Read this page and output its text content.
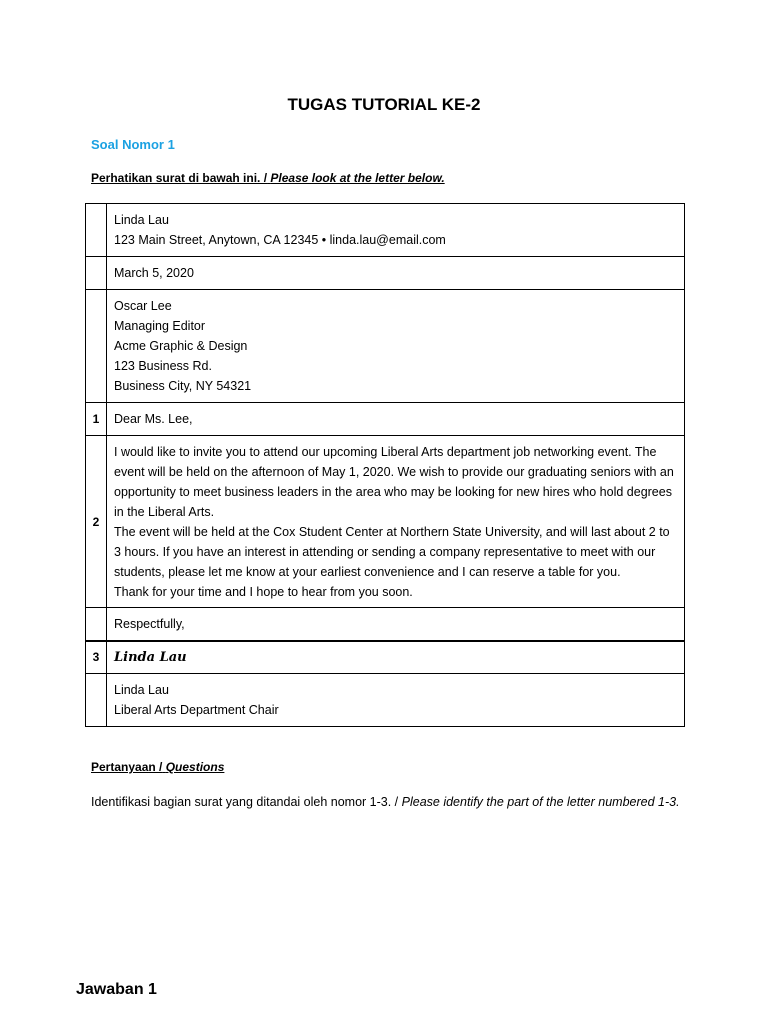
TUGAS TUTORIAL KE-2
Soal Nomor 1
Perhatikan surat di bawah ini. / Please look at the letter below.

	Linda Lau
123 Main Street, Anytown, CA 12345 • linda.lau@email.com

	March 5, 2020

	Oscar Lee
Managing Editor
Acme Graphic & Design
123 Business Rd.
Business City, NY 54321

1	Dear Ms. Lee,
2	I would like to invite you to attend our upcoming Liberal Arts department job networking event. The event will be held on the afternoon of May 1, 2020. We wish to provide our graduating seniors with an opportunity to meet business leaders in the area who may be looking for new hires who hold degrees in the Liberal Arts.
The event will be held at the Cox Student Center at Northern State University, and will last about 2 to 3 hours. If you have an interest in attending or sending a company representative to meet with our students, please let me know at your earliest convenience and I can reserve a table for you.
Thank for your time and I hope to hear from you soon.

	Respectfully,
3	Linda Lau

	Linda Lau
Liberal Arts Department Chair
Pertanyaan / Questions
Identifikasi bagian surat yang ditandai oleh nomor 1-3. / Please identify the part of the letter numbered 1-3.
Jawaban 1
